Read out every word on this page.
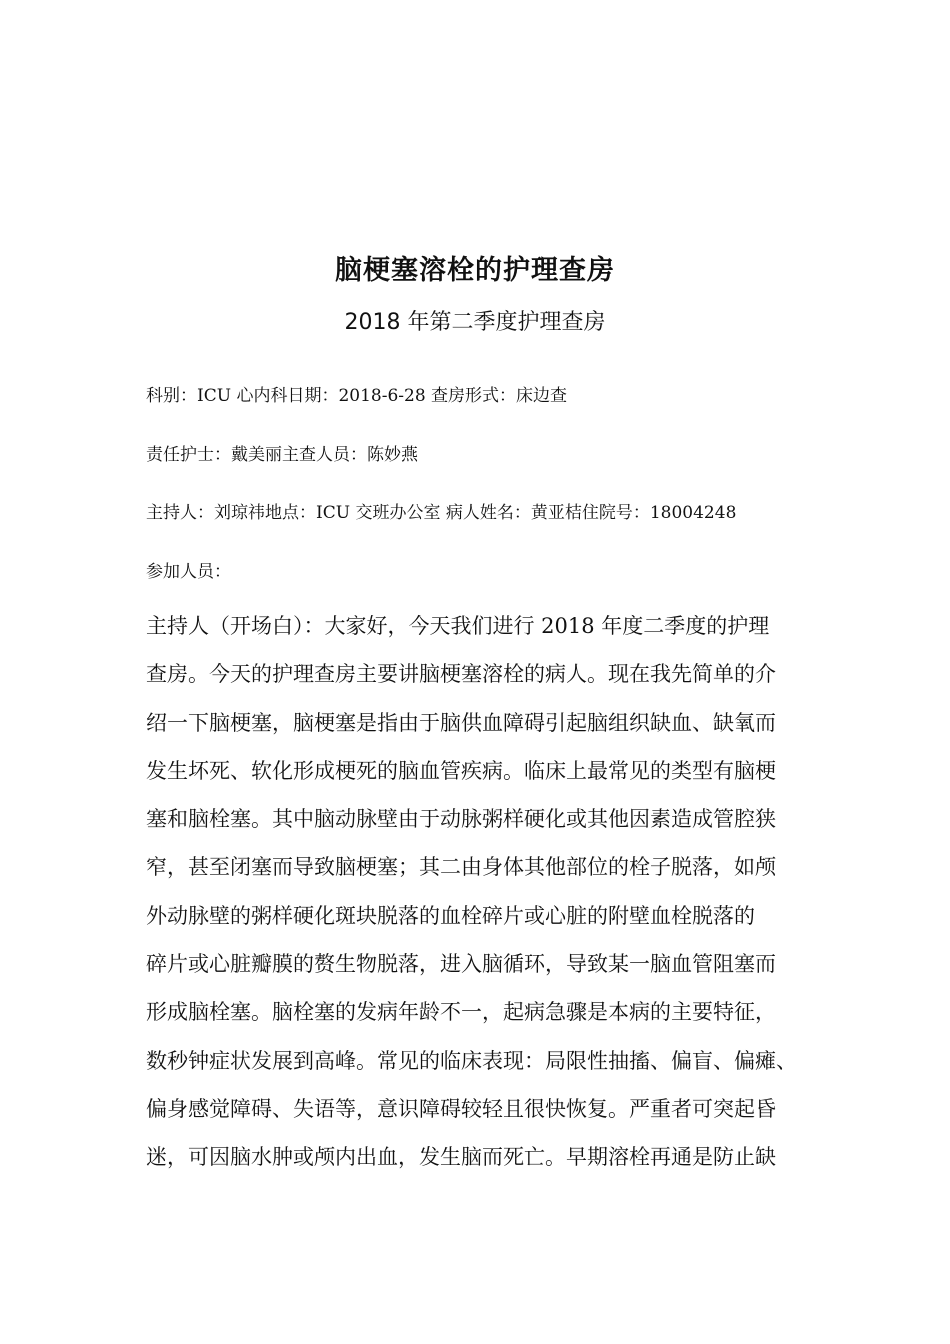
脑梗塞溶栓的护理查房

2018 年第二季度护理查房

科别：ICU 心内科日期：2018-6-28 查房形式：床边查

责任护士：戴美丽主查人员：陈妙燕

主持人：刘琼祎地点：ICU 交班办公室 病人姓名：黄亚桔住院号：18004248

参加人员：

主持人（开场白）：大家好，今天我们进行 2018 年度二季度的护理
查房。今天的护理查房主要讲脑梗塞溶栓的病人。现在我先简单的介
绍一下脑梗塞，脑梗塞是指由于脑供血障碍引起脑组织缺血、缺氧而
发生坏死、软化形成梗死的脑血管疾病。临床上最常见的类型有脑梗
塞和脑栓塞。其中脑动脉壁由于动脉粥样硬化或其他因素造成管腔狭
窄，甚至闭塞而导致脑梗塞；其二由身体其他部位的栓子脱落，如颅
外动脉壁的粥样硬化斑块脱落的血栓碎片或心脏的附壁血栓脱落的
碎片或心脏瓣膜的赘生物脱落，进入脑循环，导致某一脑血管阻塞而
形成脑栓塞。脑栓塞的发病年龄不一，起病急骤是本病的主要特征，
数秒钟症状发展到高峰。常见的临床表现：局限性抽搐、偏盲、偏瘫、
偏身感觉障碍、失语等，意识障碍较轻且很快恢复。严重者可突起昏
迷，可因脑水肿或颅内出血，发生脑而死亡。早期溶栓再通是防止缺
